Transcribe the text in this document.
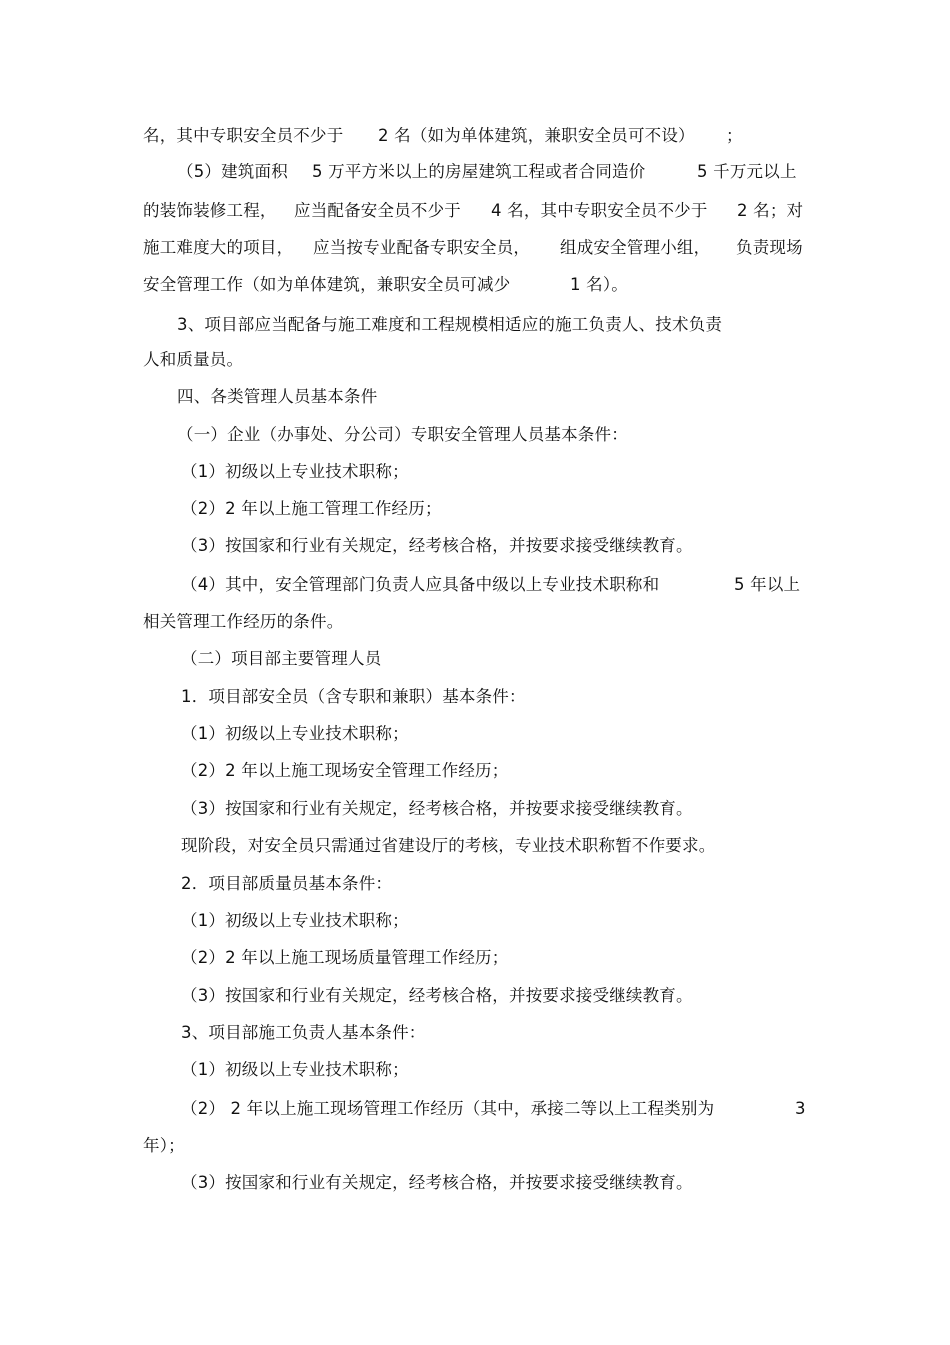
名，其中专职安全员不少于 2 名（如为单体建筑，兼职安全员可不设） ；
（5）建筑面积 5 万平方米以上的房屋建筑工程或者合同造价	5 千万元以上
的装饰装修工程， 应当配备安全员不少于 4 名，其中专职安全员不少于 2 名；对
施工难度大的项目， 应当按专业配备专职安全员， 组成安全管理小组， 负责现场
安全管理工作（如为单体建筑，兼职安全员可减少	1 名）。
3、项目部应当配备与施工难度和工程规模相适应的施工负责人、技术负责
人和质量员。
四、各类管理人员基本条件
（一）企业（办事处、分公司）专职安全管理人员基本条件：
（1）初级以上专业技术职称；
（2）2 年以上施工管理工作经历；
（3）按国家和行业有关规定，经考核合格，并按要求接受继续教育。
（4）其中，安全管理部门负责人应具备中级以上专业技术职称和	5 年以上
相关管理工作经历的条件。
（二）项目部主要管理人员
1．项目部安全员（含专职和兼职）基本条件：
（1）初级以上专业技术职称；
（2）2 年以上施工现场安全管理工作经历；
（3）按国家和行业有关规定，经考核合格，并按要求接受继续教育。
现阶段，对安全员只需通过省建设厅的考核，专业技术职称暂不作要求。
2．项目部质量员基本条件：
（1）初级以上专业技术职称；
（2）2 年以上施工现场质量管理工作经历；
（3）按国家和行业有关规定，经考核合格，并按要求接受继续教育。
3、项目部施工负责人基本条件：
（1）初级以上专业技术职称；
（2） 2 年以上施工现场管理工作经历（其中，承接二等以上工程类别为	3
年）；
（3）按国家和行业有关规定，经考核合格，并按要求接受继续教育。
